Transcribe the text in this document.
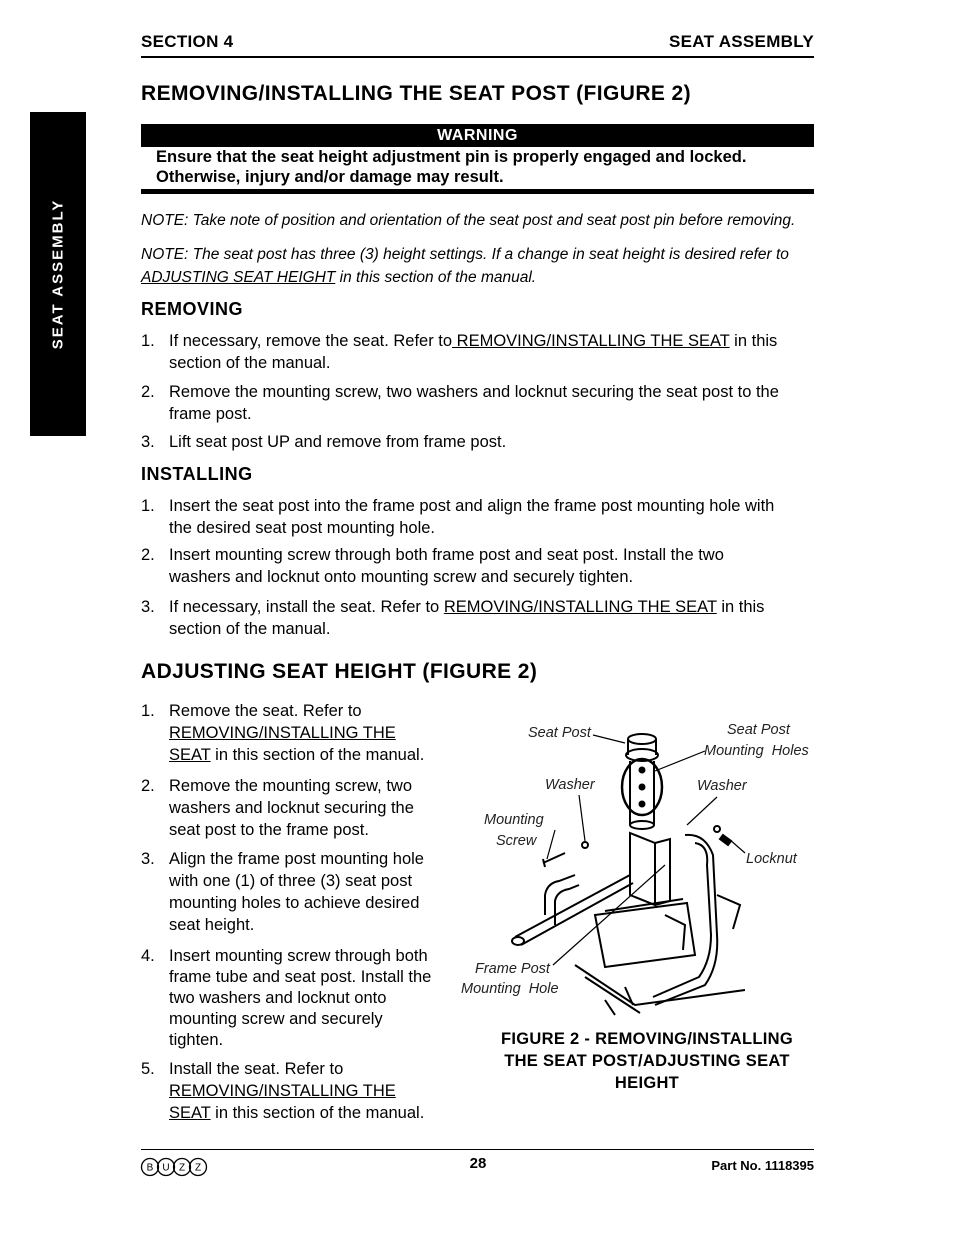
SECTION 4	SEAT ASSEMBLY
SEAT ASSEMBLY
REMOVING/INSTALLING THE SEAT POST (FIGURE 2)
WARNING
Ensure that the seat height adjustment pin is properly engaged and locked.
Otherwise, injury and/or damage may result.
NOTE: Take note of position and orientation of the seat post and seat post pin before removing.
NOTE: The seat post has three (3) height settings. If a change in seat height is desired refer to
ADJUSTING SEAT HEIGHT in this section of the manual.
REMOVING
1. If necessary, remove the seat. Refer to REMOVING/INSTALLING THE SEAT in this
section of the manual.
2. Remove the mounting screw, two washers and locknut securing the seat post to the
frame post.
3. Lift seat post UP and remove from frame post.
INSTALLING
1. Insert the seat post into the frame post and align the frame post mounting hole with
the desired seat post mounting hole.
2. Insert mounting screw through both frame post and seat post. Install the two
washers and locknut onto mounting screw and securely tighten.
3. If necessary, install the seat. Refer to REMOVING/INSTALLING THE SEAT in this
section of the manual.
ADJUSTING SEAT HEIGHT (FIGURE 2)
1. Remove the seat. Refer to
REMOVING/INSTALLING THE
SEAT in this section of the manual.
2. Remove the mounting screw, two
washers and locknut securing the
seat post to the frame post.
3. Align the frame post mounting hole
with one (1) of three (3) seat post
mounting holes to achieve desired
seat height.
4. Insert mounting screw through both
frame tube and seat post. Install the
two washers and locknut onto
mounting screw and securely
tighten.
5. Install the seat. Refer to
REMOVING/INSTALLING THE
SEAT in this section of the manual.
Seat Post	Seat Post
Mounting  Holes
Washer	Washer
Mounting
Screw
Locknut
Frame Post
Mounting  Hole
FIGURE 2 - REMOVING/INSTALLING
THE SEAT POST/ADJUSTING SEAT
HEIGHT
B U Z Z	28	Part No. 1118395
